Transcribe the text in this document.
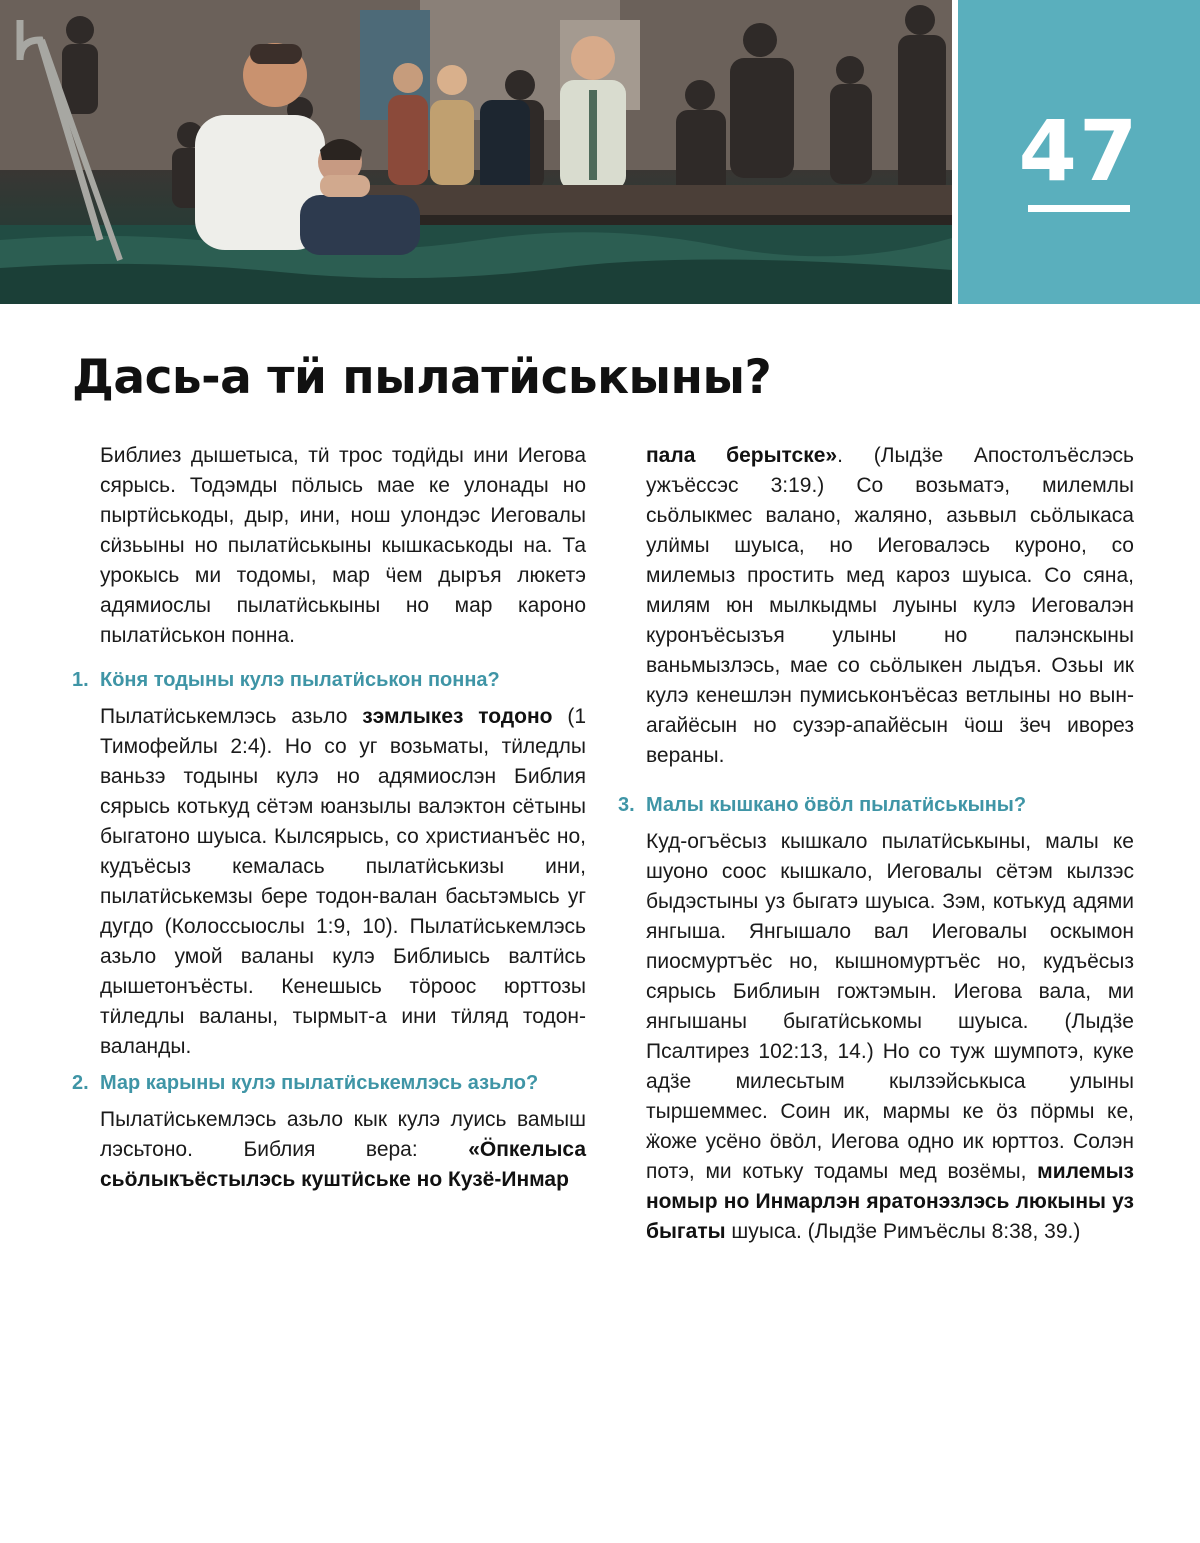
47
Дась-а тӥ пылатӥськыны?

Библиез дышетыса, тӥ трос тодӥды ини Иегова сярысь. Тодэмды пӧлысь мае ке улонады но пыртӥськоды, дыр, ини, нош улондэс Иеговалы сӥзьыны но пылатӥськыны кышкаськоды на. Та урокысь ми тодомы, мар ӵем дыръя люкетэ адямиослы пылатӥськыны но мар кароно пылатӥськон понна.

1. Кӧня тодыны кулэ пылатӥськон понна?

Пылатӥськемлэсь азьло зэмлыкез тодоно (1 Тимофейлы 2:4). Но со уг возьматы, тӥледлы ваньзэ тодыны кулэ но адямиослэн Библия сярысь котькуд сётэм юанзылы валэктон сётыны быгатоно шуыса. Кылсярысь, со христианъёс но, кудъёсыз кемалась пылатӥськизы ини, пылатӥськемзы бере тодон-валан басьтэмысь уг дугдо (Колоссыослы 1:9, 10). Пылатӥськемлэсь азьло умой валаны кулэ Библиысь валтӥсь дышетонъёсты. Кенешысь тӧроос юрттозы тӥледлы валаны, тырмыт-а ини тӥляд тодон-валанды.

2. Мар карыны кулэ пылатӥськемлэсь азьло?

Пылатӥськемлэсь азьло кык кулэ луись вамыш лэсьтоно. Библия вера: «Ӧпкелыса сьӧлыкъёстылэсь куштӥське но Кузё-Инмар

пала берытске». (Лыдӟе Апостолъёслэсь ужъёссэс 3:19.) Со возьматэ, милемлы сьӧлыкмес валано, жаляно, азьвыл сьӧлыкаса улӥмы шуыса, но Иеговалэсь куроно, со милемыз простить мед кароз шуыса. Со сяна, милям юн мылкыдмы луыны кулэ Иеговалэн куронъёсызъя улыны но палэнскыны ваньмызлэсь, мае со сьӧлыкен лыдъя. Озьы ик кулэ кенешлэн пумиськонъёсаз ветлыны но вын-агайёсын но сузэр-апайёсын ӵош ӟеч иворез вераны.

3. Малы кышкано ӧвӧл пылатӥськыны?

Куд-огъёсыз кышкало пылатӥськыны, малы ке шуоно соос кышкало, Иеговалы сётэм кылзэс быдэстыны уз быгатэ шуыса. Зэм, котькуд адями янгыша. Янгышало вал Иеговалы оскымон пиосмуртъёс но, кышномуртъёс но, кудъёсыз сярысь Библиын гожтэмын. Иегова вала, ми янгышаны быгатӥськомы шуыса. (Лыдӟе Псалтирез 102:13, 14.) Но со туж шумпотэ, куке адӟе милесьтым кылзэйськыса улыны тыршеммес. Соин ик, мармы ке ӧз пӧрмы ке, ӝоже усёно ӧвӧл, Иегова одно ик юрттоз. Солэн потэ, ми котьку тодамы мед возёмы, милемыз номыр но Инмарлэн яратонэзлэсь люкыны уз быгаты шуыса. (Лыдӟе Римъёслы 8:38, 39.)
